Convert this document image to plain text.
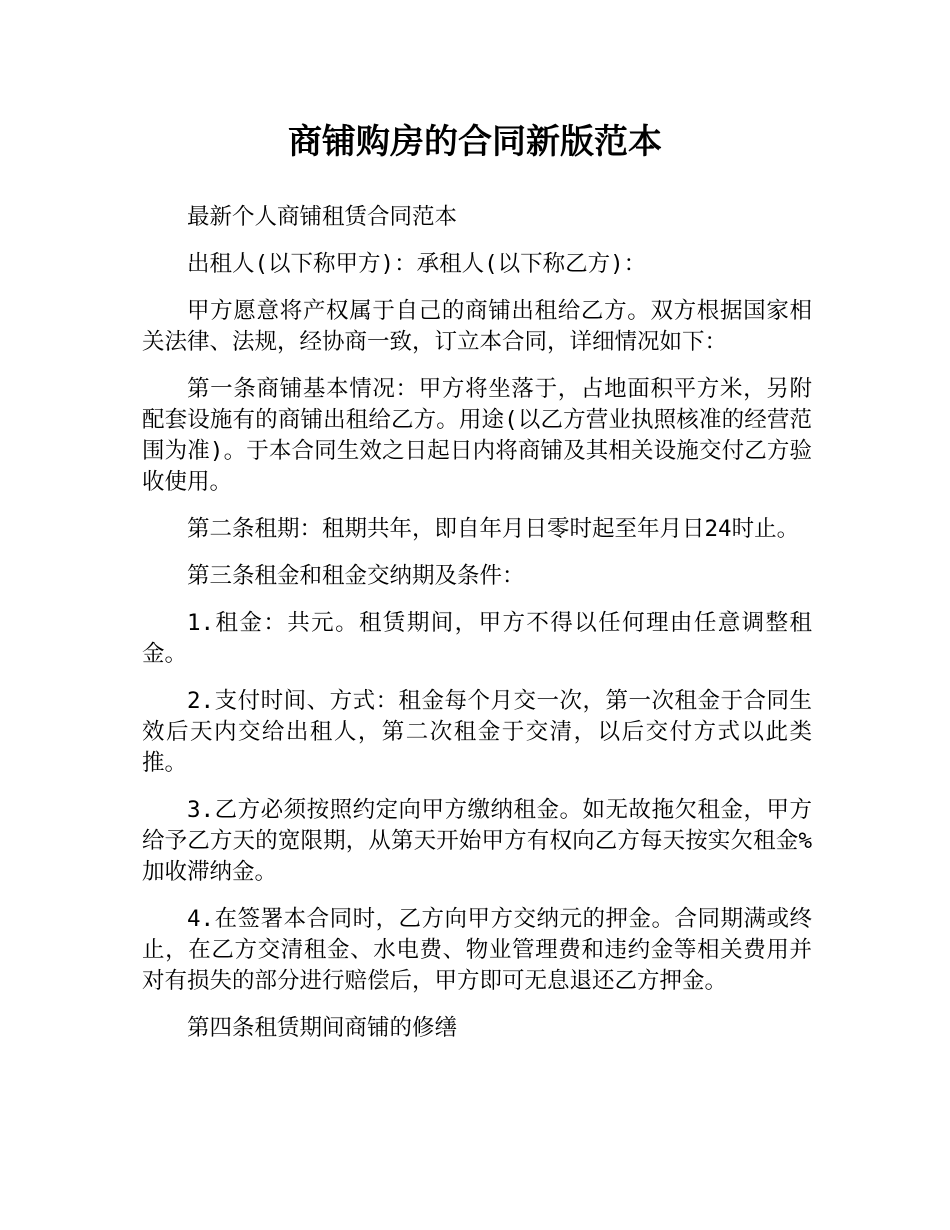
商铺购房的合同新版范本

最新个人商铺租赁合同范本

出租人(以下称甲方)：承租人(以下称乙方)：

甲方愿意将产权属于自己的商铺出租给乙方。双方根据国家相关法律、法规，经协商一致，订立本合同，详细情况如下：

第一条商铺基本情况：甲方将坐落于，占地面积平方米，另附配套设施有的商铺出租给乙方。用途(以乙方营业执照核准的经营范围为准)。于本合同生效之日起日内将商铺及其相关设施交付乙方验收使用。

第二条租期：租期共年，即自年月日零时起至年月日24时止。

第三条租金和租金交纳期及条件：

1.租金：共元。租赁期间，甲方不得以任何理由任意调整租金。

2.支付时间、方式：租金每个月交一次，第一次租金于合同生效后天内交给出租人，第二次租金于交清，以后交付方式以此类推。

3.乙方必须按照约定向甲方缴纳租金。如无故拖欠租金，甲方给予乙方天的宽限期，从第天开始甲方有权向乙方每天按实欠租金%加收滞纳金。

4.在签署本合同时，乙方向甲方交纳元的押金。合同期满或终止，在乙方交清租金、水电费、物业管理费和违约金等相关费用并对有损失的部分进行赔偿后，甲方即可无息退还乙方押金。

第四条租赁期间商铺的修缮
